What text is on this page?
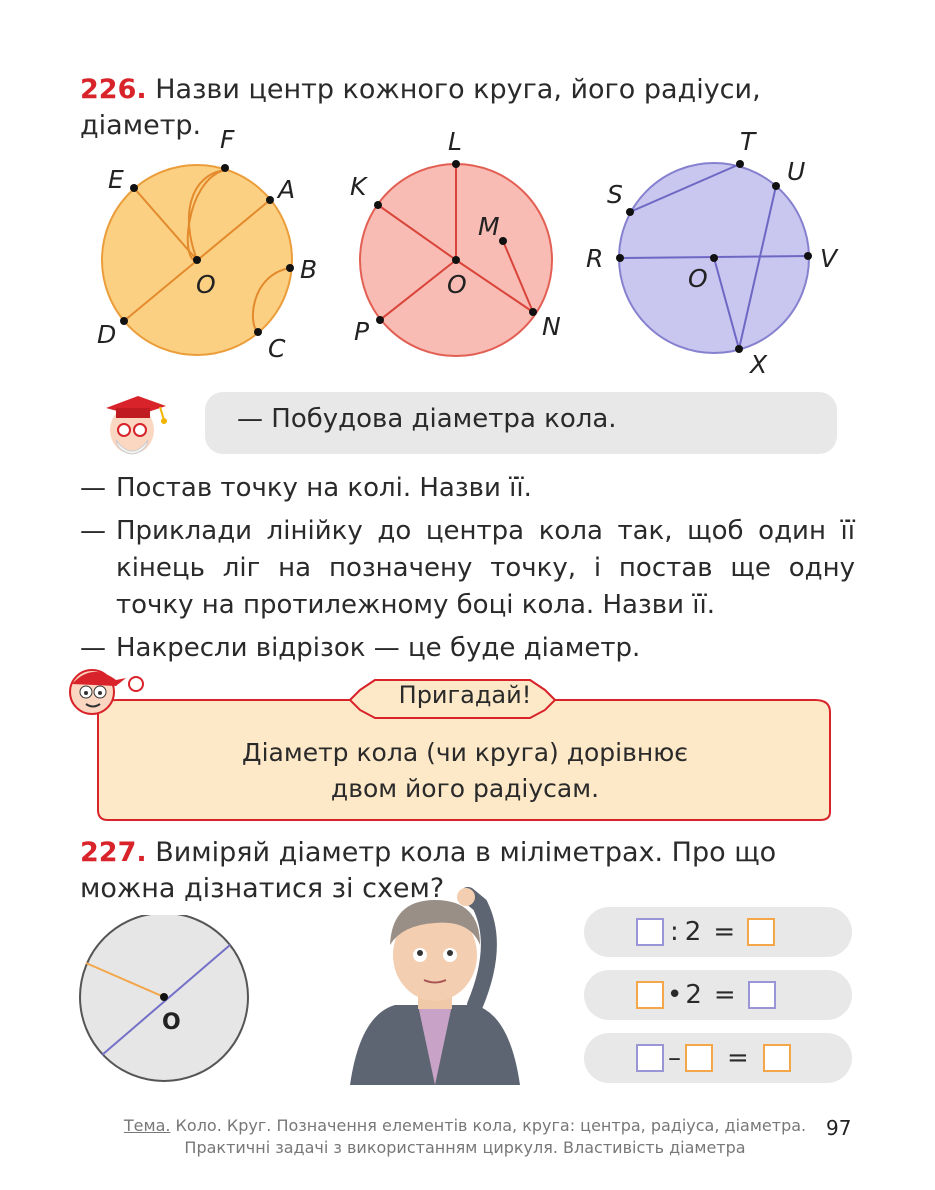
226. Назви центр кожного круга, його радіуси, діаметр.
E
F
A
B
C
D
O
L
K
M
N
P
O
T
U
S
R	V
X
O
— Побудова діаметра кола.
— Постав точку на колі. Назви її.
— Приклади лінійку до центра кола так, щоб один її кінець ліг на позначену точку, і постав ще одну точку на протилежному боці кола. Назви її.
— Накресли відрізок — це буде діаметр.
Пригадай!
Діаметр кола (чи круга) дорівнює
двом його радіусам.
227. Виміряй діаметр кола в міліметрах. Про що можна дізнатися зі схем?
O
: 2 =
• 2 =
– =
Тема. Коло. Круг. Позначення елементів кола, круга: центра, радіуса, діаметра.
Практичні задачі з використанням циркуля. Властивість діаметра
97
